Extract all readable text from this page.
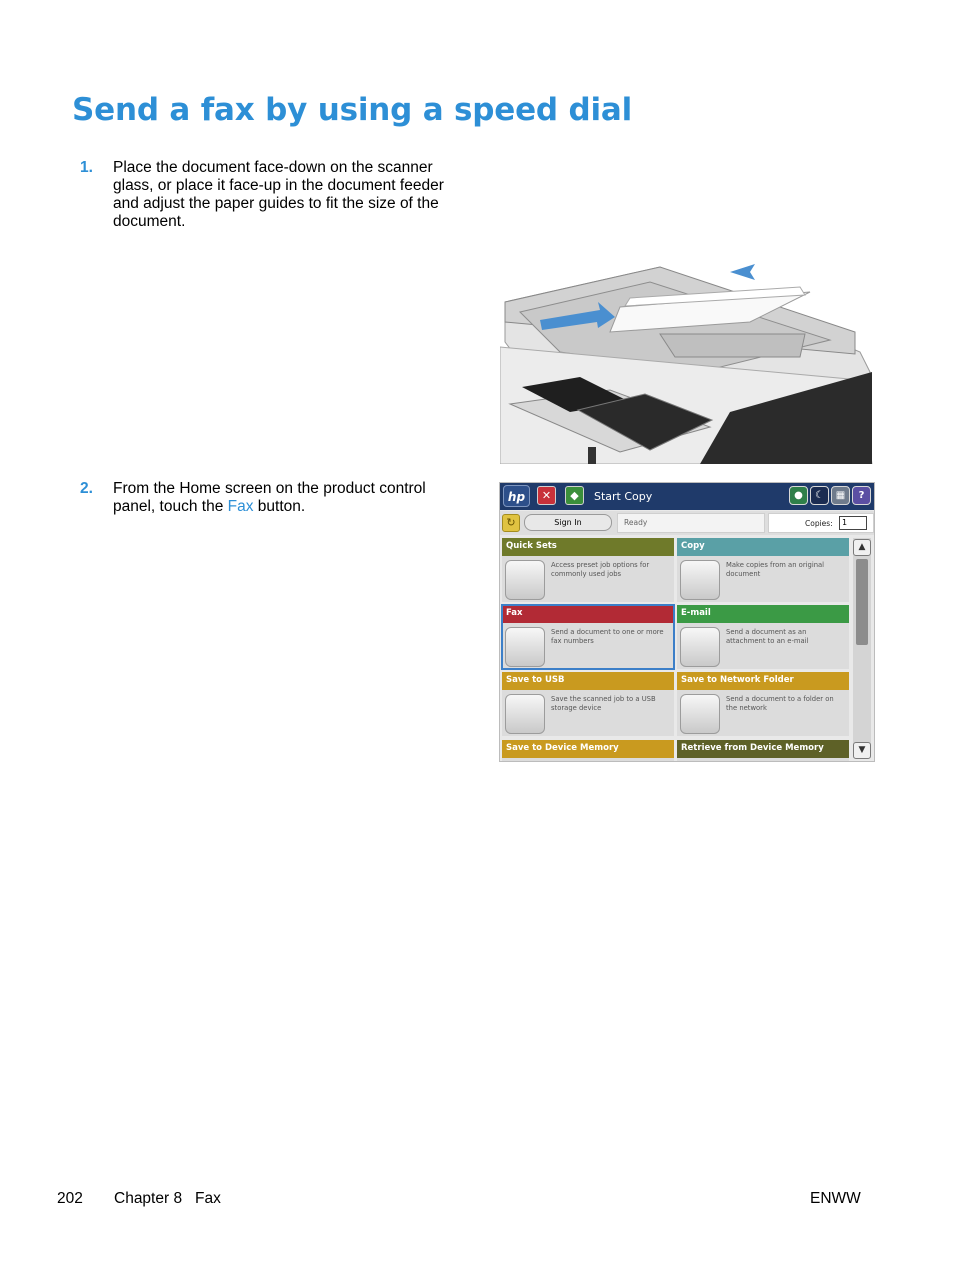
Send a fax by using a speed dial
1. Place the document face-down on the scanner glass, or place it face-up in the document feeder and adjust the paper guides to fit the size of the document.
2. From the Home screen on the product control panel, touch the Fax button.
hp	✕	◆	Start Copy	●	☾	▦	?
↻	Sign In	Ready	Copies:	1
Quick Sets
Access preset job options for commonly used jobs
Copy
Make copies from an original document
Fax
Send a document to one or more fax numbers
E-mail
Send a document as an attachment to an e-mail
Save to USB
Save the scanned job to a USB storage device
Save to Network Folder
Send a document to a folder on the network
Save to Device Memory	Retrieve from Device Memory
▲
▼
202 Chapter 8   Fax	ENWW
